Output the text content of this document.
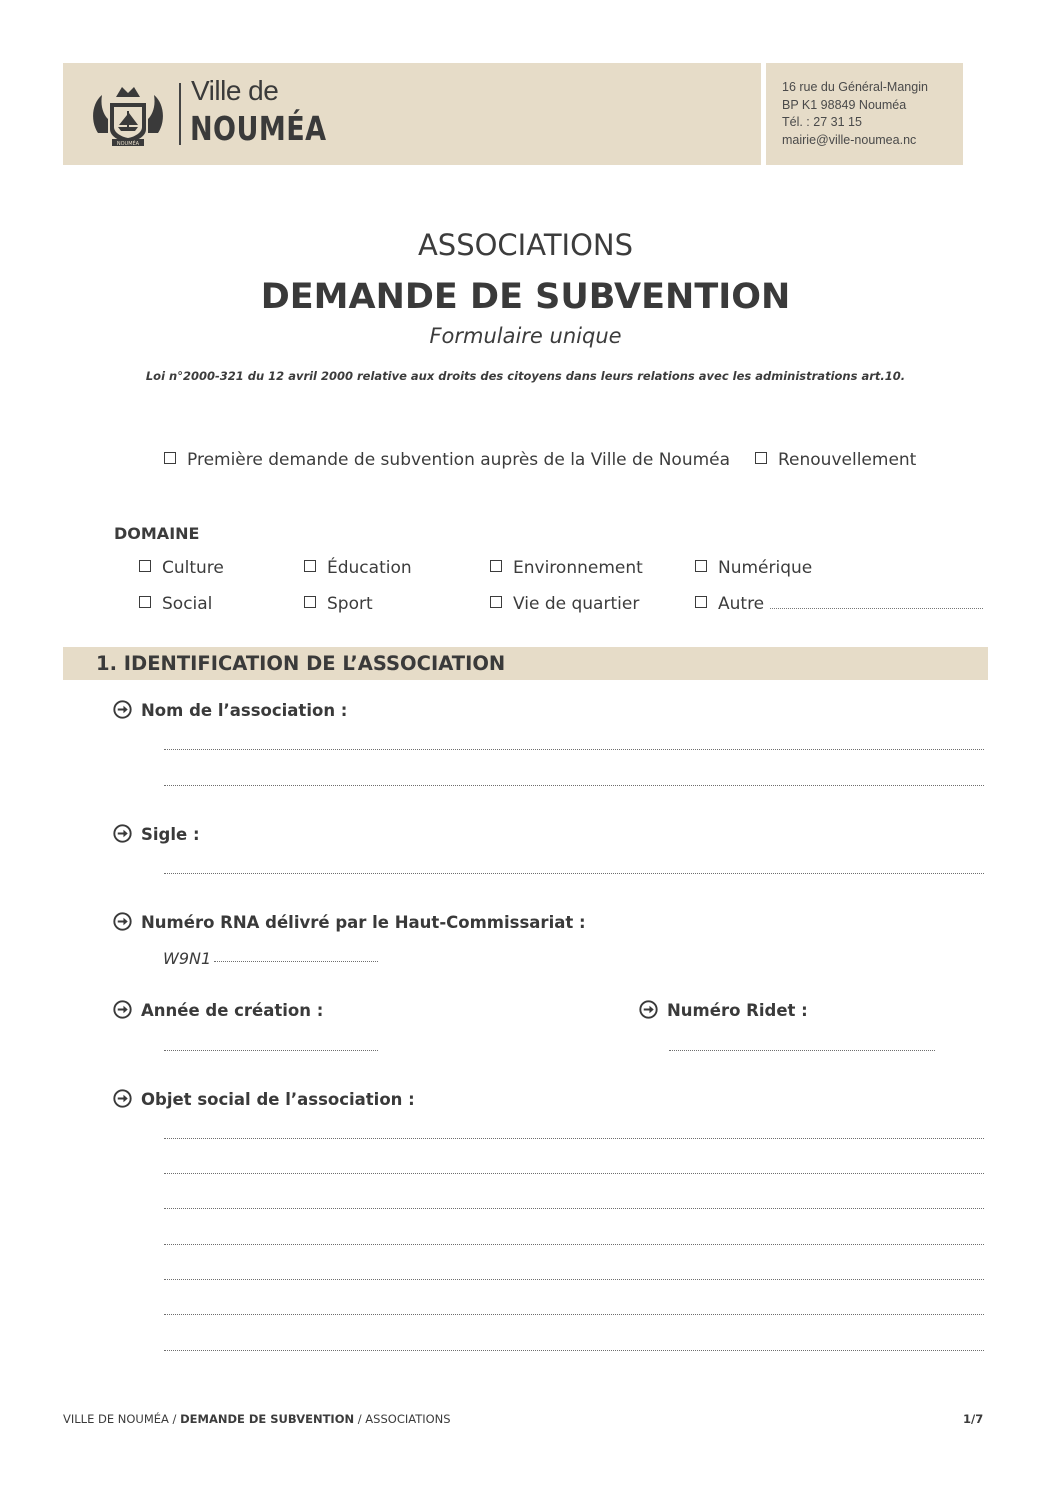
NOUMÉA
Ville de
NOUMÉA
16 rue du Général-Mangin
BP K1 98849 Nouméa
Tél. : 27 31 15
mairie@ville-noumea.nc
ASSOCIATIONS
DEMANDE DE SUBVENTION
Formulaire unique
Loi n°2000-321 du 12 avril 2000 relative aux droits des citoyens dans leurs relations avec les administrations art.10.
Première demande de subvention auprès de la Ville de Nouméa	Renouvellement
DOMAINE
Culture	Éducation	Environnement	Numérique
Social	Sport	Vie de quartier	Autre
1. IDENTIFICATION DE L’ASSOCIATION
Nom de l’association :
Sigle :
Numéro RNA délivré par le Haut-Commissariat :
W9N1
Année de création :	Numéro Ridet :
Objet social de l’association :
VILLE DE NOUMÉA / DEMANDE DE SUBVENTION / ASSOCIATIONS	1/7
